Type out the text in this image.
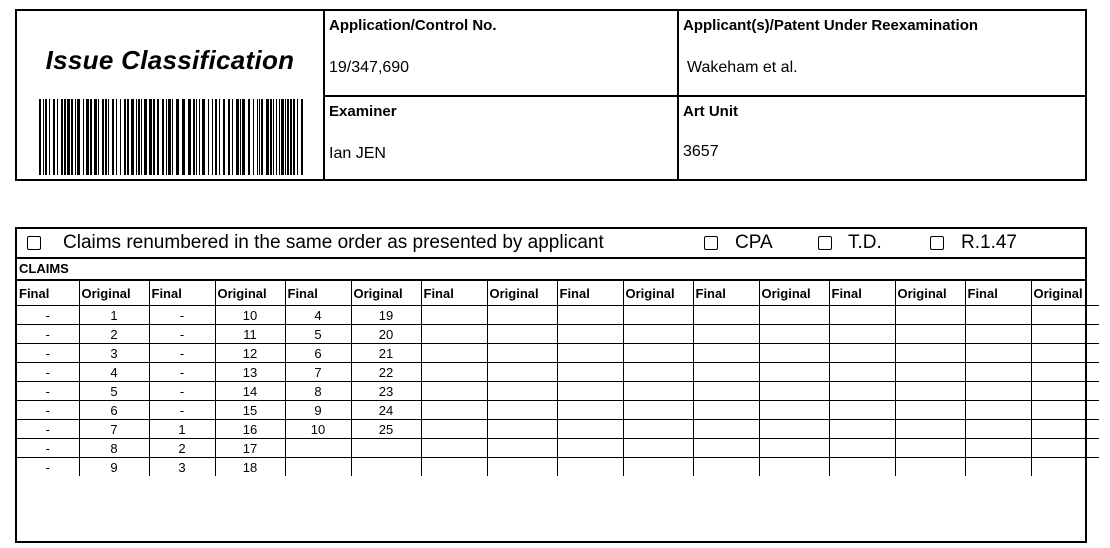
Issue Classification
Application/Control No.
19/347,690
Applicant(s)/Patent Under Reexamination
Wakeham et al.
Examiner
Ian JEN
Art Unit
3657
Claims renumbered in the same order as presented by applicant	CPA	T.D.	R.1.47
CLAIMS
Final	Original	Final	Original	Final	Original	Final	Original	Final	Original	Final	Original	Final	Original	Final	Original
-	1	-	10	4	19										
-	2	-	11	5	20										
-	3	-	12	6	21										
-	4	-	13	7	22										
-	5	-	14	8	23										
-	6	-	15	9	24										
-	7	1	16	10	25										
-	8	2	17												
-	9	3	18												
